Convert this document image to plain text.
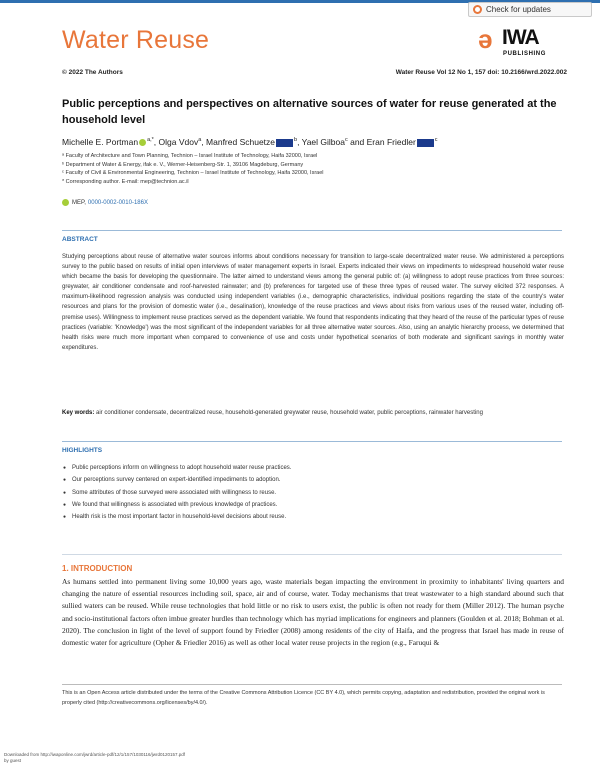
Water Reuse
Check for updates
ə IWA
PUBLISHING
© 2022 The Authors	Water Reuse Vol 12 No 1, 157 doi: 10.2166/wrd.2022.002
Public perceptions and perspectives on alternative sources of water for reuse generated at the household level
Michelle E. Portman $^{a,*}$, Olga Vdov$^a$, Manfred Schuetze	$^b$, Yael Gilboa$^c$ and Eran Friedler	$^c$
ᵃ Faculty of Architecture and Town Planning, Technion – Israel Institute of Technology, Haifa 32000, Israel
ᵇ Department of Water & Energy, ifak e. V., Werner-Heisenberg-Str. 1, 39106 Magdeburg, Germany
ᶜ Faculty of Civil & Environmental Engineering, Technion – Israel Institute of Technology, Haifa 32000, Israel
* Corresponding author. E-mail: mep@technion.ac.il
MEP, 0000-0002-0010-186X
ABSTRACT
Studying perceptions about reuse of alternative water sources informs about conditions necessary for transition to large-scale decentralized water reuse. We administered a perceptions survey to the public based on results of initial open interviews of water management experts in Israel. Experts indicated their views on impediments to widespread household water reuse which became the basis for developing the questionnaire. The latter aimed to understand views among the general public of: (a) willingness to adopt reuse practices from three sources: greywater, air conditioner condensate and roof-harvested rainwater; and (b) preferences for targeted use of these three types of reused water. The survey elicited 372 responses. A maximum-likelihood regression analysis was conducted using independent variables (i.e., demographic characteristics, individual positions regarding the state of the country's water resources and plans for the provision of domestic water (i.e., desalination), knowledge of the reuse practices and views about risks from various uses of the reused water, including off-premise uses). Willingness to implement reuse practices served as the dependent variable. We found that respondents indicating that they heard of the reuse of the particular types of reuse practices (variable: 'Knowledge') was the most significant of the independent variables for all three alternative water sources. Also, using an analytic hierarchy process, we determined that health risks were much more important when compared to convenience of use and costs under hypothetical scenarios of both moderate and significant savings in monthly water expenditures.
Key words: air conditioner condensate, decentralized reuse, household-generated greywater reuse, household water, public perceptions, rainwater harvesting
HIGHLIGHTS
● Public perceptions inform on willingness to adopt household water reuse practices.
● Our perceptions survey centered on expert-identified impediments to adoption.
● Some attributes of those surveyed were associated with willingness to reuse.
● We found that willingness is associated with previous knowledge of practices.
● Health risk is the most important factor in household-level decisions about reuse.
1. INTRODUCTION
As humans settled into permanent living some 10,000 years ago, waste materials began impacting the environment in proximity to inhabitants' living quarters and changing the nature of essential resources including soil, space, air and of course, water. Today mechanisms that treat wastewater to a high standard abound such that sullied waters can be reused. While reuse technologies that hold little or no risk to users exist, the public is often not ready for them (Miller 2012). The human psyche and socio-institutional factors often imbue greater hurdles than technology which has myriad implications for engineers and planners (Goulden et al. 2018; Bohman et al. 2020). The conclusion in light of the level of support found by Friedler (2008) among residents of the city of Haifa, and the progress that Israel has made in reuse of domestic water for agriculture (Opher & Friedler 2016) as well as other local water reuse projects in the region (e.g., Faruqui &
This is an Open Access article distributed under the terms of the Creative Commons Attribution Licence (CC BY 4.0), which permits copying, adaptation and redistribution, provided the original work is properly cited (http://creativecommons.org/licenses/by/4.0/).
Downloaded from http://iwaponline.com/jwrd/article-pdf/12/1/157/1030116/jwrd0120157.pdf
by guest
